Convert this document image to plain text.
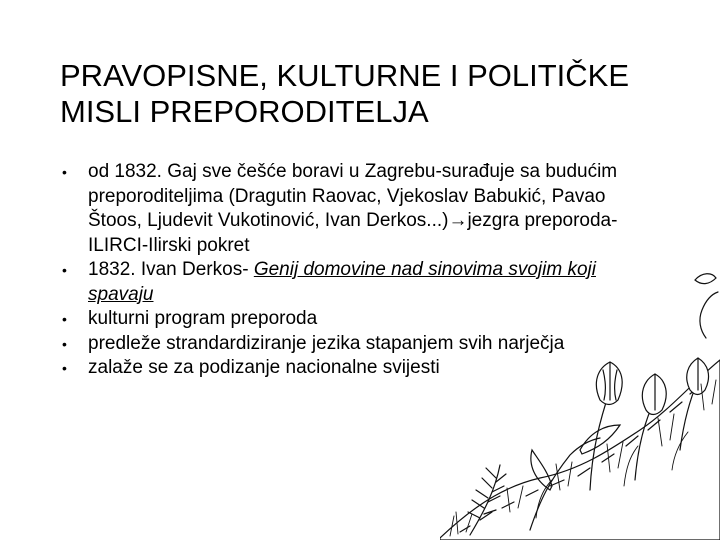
PRAVOPISNE, KULTURNE I POLITIČKE
MISLI PREPORODITELJA
• od 1832. Gaj sve češće boravi u Zagrebu-surađuje sa budućim preporoditeljima (Dragutin Raovac, Vjekoslav Babukić, Pavao Štoos, Ljudevit Vukotinović, Ivan Derkos...)→jezgra preporoda- ILIRCI-Ilirski pokret
• 1832. Ivan Derkos- Genij domovine nad sinovima svojim koji spavaju
• kulturni program preporoda
• predleže strandardiziranje jezika stapanjem svih narječja
• zalaže se za podizanje nacionalne svijesti
